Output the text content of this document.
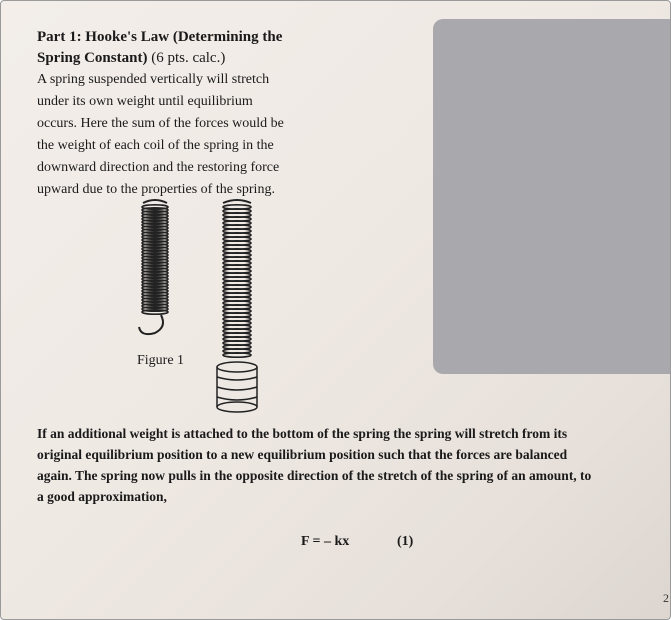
Part 1: Hooke's Law (Determining the
Spring Constant) (6 pts. calc.)
A spring suspended vertically will stretch
under its own weight until equilibrium
occurs. Here the sum of the forces would be
the weight of each coil of the spring in the
downward direction and the restoring force
upward due to the properties of the spring.
Figure 1
If an additional weight is attached to the bottom of the spring the spring will stretch from its
original equilibrium position to a new equilibrium position such that the forces are balanced
again. The spring now pulls in the opposite direction of the stretch of the spring of an amount, to
a good approximation,
F = – kx	(1)
2
